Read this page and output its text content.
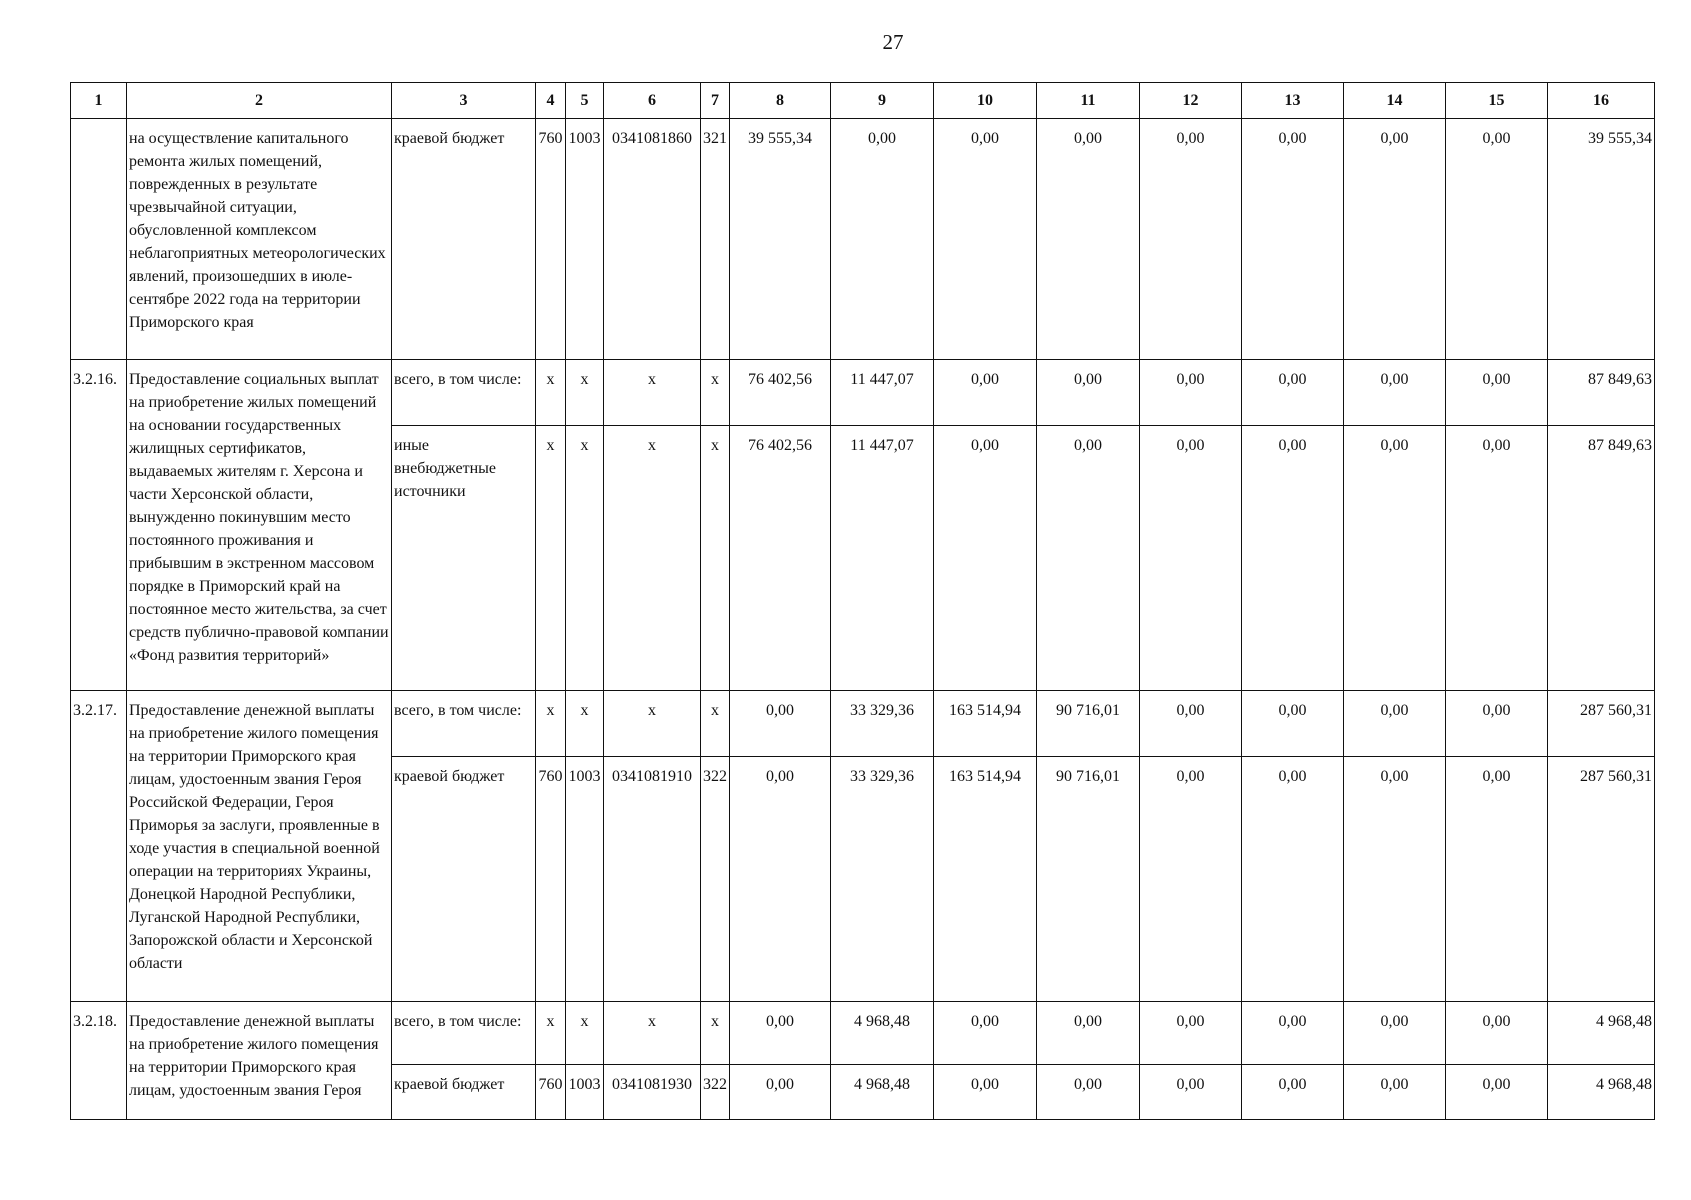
27
1	2	3	4	5	6	7	8	9	10	11	12	13	14	15	16
	на осуществление капитального ремонта жилых помещений, поврежденных в результате чрезвычайной ситуации, обусловленной комплексом неблагоприятных метеорологических явлений, произошедших в июле-сентябре 2022 года на территории Приморского края	краевой бюджет	760	1003	0341081860	321	39 555,34	0,00	0,00	0,00	0,00	0,00	0,00	0,00	39 555,34
3.2.16.	Предоставление социальных выплат на приобретение жилых помещений на основании государственных жилищных сертификатов, выдаваемых жителям г. Херсона и части Херсонской области, вынужденно покинувшим место постоянного проживания и прибывшим в экстренном массовом порядке в Приморский край на постоянное место жительства, за счет средств публично-правовой компании «Фонд развития территорий»	всего, в том числе:	x	x	x	x	76 402,56	11 447,07	0,00	0,00	0,00	0,00	0,00	0,00	87 849,63
		иные внебюджетные источники	x	x	x	x	76 402,56	11 447,07	0,00	0,00	0,00	0,00	0,00	0,00	87 849,63
3.2.17.	Предоставление денежной выплаты на приобретение жилого помещения на территории Приморского края лицам, удостоенным звания Героя Российской Федерации, Героя Приморья за заслуги, проявленные в ходе участия в специальной военной операции на территориях Украины, Донецкой Народной Республики, Луганской Народной Республики, Запорожской области и Херсонской области	всего, в том числе:	x	x	x	x	0,00	33 329,36	163 514,94	90 716,01	0,00	0,00	0,00	0,00	287 560,31
		краевой бюджет	760	1003	0341081910	322	0,00	33 329,36	163 514,94	90 716,01	0,00	0,00	0,00	0,00	287 560,31
3.2.18.	Предоставление денежной выплаты на приобретение жилого помещения на территории Приморского края лицам, удостоенным звания Героя	всего, в том числе:	x	x	x	x	0,00	4 968,48	0,00	0,00	0,00	0,00	0,00	0,00	4 968,48
		краевой бюджет	760	1003	0341081930	322	0,00	4 968,48	0,00	0,00	0,00	0,00	0,00	0,00	4 968,48
